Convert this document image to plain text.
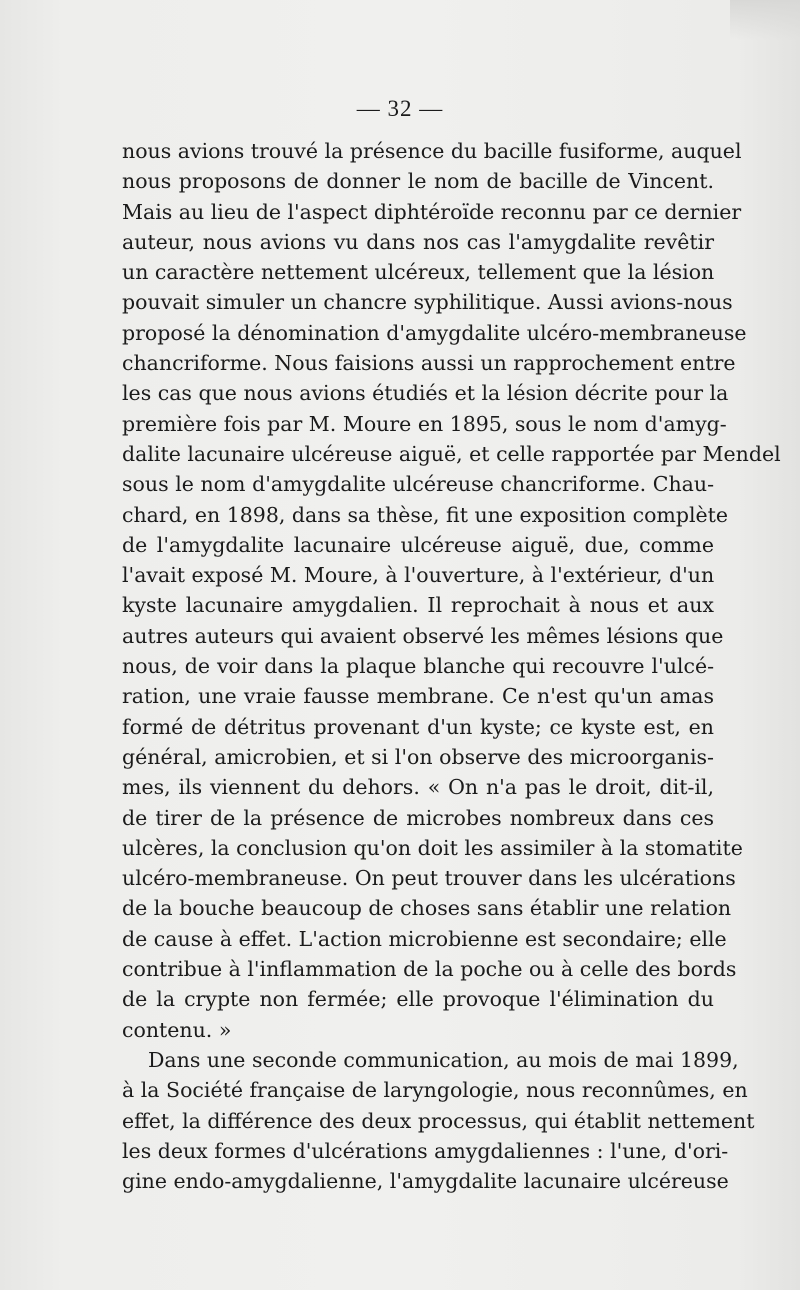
— 32 —
nous avions trouvé la présence du bacille fusiforme, auquel
nous proposons de donner le nom de bacille de Vincent.
Mais au lieu de l'aspect diphtéroïde reconnu par ce dernier
auteur, nous avions vu dans nos cas l'amygdalite revêtir
un caractère nettement ulcéreux, tellement que la lésion
pouvait simuler un chancre syphilitique. Aussi avions-nous
proposé la dénomination d'amygdalite ulcéro-membraneuse
chancriforme. Nous faisions aussi un rapprochement entre
les cas que nous avions étudiés et la lésion décrite pour la
première fois par M. Moure en 1895, sous le nom d'amyg-
dalite lacunaire ulcéreuse aiguë, et celle rapportée par Mendel
sous le nom d'amygdalite ulcéreuse chancriforme. Chau-
chard, en 1898, dans sa thèse, fit une exposition complète
de l'amygdalite lacunaire ulcéreuse aiguë, due, comme
l'avait exposé M. Moure, à l'ouverture, à l'extérieur, d'un
kyste lacunaire amygdalien. Il reprochait à nous et aux
autres auteurs qui avaient observé les mêmes lésions que
nous, de voir dans la plaque blanche qui recouvre l'ulcé-
ration, une vraie fausse membrane. Ce n'est qu'un amas
formé de détritus provenant d'un kyste; ce kyste est, en
général, amicrobien, et si l'on observe des microorganis-
mes, ils viennent du dehors. « On n'a pas le droit, dit-il,
de tirer de la présence de microbes nombreux dans ces
ulcères, la conclusion qu'on doit les assimiler à la stomatite
ulcéro-membraneuse. On peut trouver dans les ulcérations
de la bouche beaucoup de choses sans établir une relation
de cause à effet. L'action microbienne est secondaire; elle
contribue à l'inflammation de la poche ou à celle des bords
de la crypte non fermée; elle provoque l'élimination du
contenu. »
Dans une seconde communication, au mois de mai 1899,
à la Société française de laryngologie, nous reconnûmes, en
effet, la différence des deux processus, qui établit nettement
les deux formes d'ulcérations amygdaliennes : l'une, d'ori-
gine endo-amygdalienne, l'amygdalite lacunaire ulcéreuse
